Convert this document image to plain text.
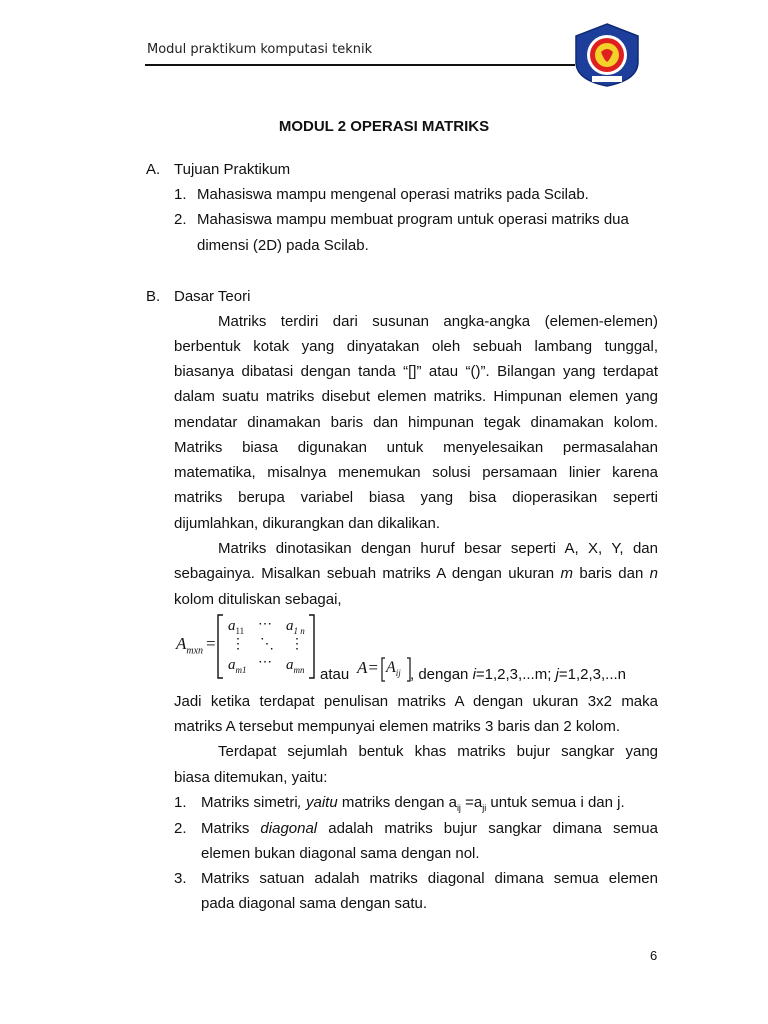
Modul praktikum komputasi teknik
MODUL 2 OPERASI MATRIKS
A. Tujuan Praktikum
1. Mahasiswa mampu mengenal operasi matriks pada Scilab.
2. Mahasiswa mampu membuat program untuk operasi matriks dua
dimensi (2D) pada Scilab.
B. Dasar Teori
Matriks terdiri dari susunan angka-angka (elemen-elemen)
berbentuk kotak yang dinyatakan oleh sebuah lambang tunggal,
biasanya dibatasi dengan tanda “[]” atau “()”. Bilangan yang terdapat
dalam suatu matriks disebut elemen matriks. Himpunan elemen yang
mendatar dinamakan baris dan himpunan tegak dinamakan kolom.
Matriks biasa digunakan untuk menyelesaikan permasalahan
matematika, misalnya menemukan solusi persamaan linier karena
matriks berupa variabel biasa yang bisa dioperasikan seperti
dijumlahkan, dikurangkan dan dikalikan.
Matriks dinotasikan dengan huruf besar seperti A, X, Y, dan
sebagainya. Misalkan sebuah matriks A dengan ukuran m baris dan n
kolom dituliskan sebagai,
$A_{mxn}$ =
$a_{11}$ ⋯ $a_{1 n}$
⋮ ⋱ ⋮
$a_{m1}$ ⋯ $a_{mn}$ atau $A= A_{ij}$ , dengan i=1,2,3,...m; j=1,2,3,...n
Jadi ketika terdapat penulisan matriks A dengan ukuran 3x2 maka
matriks A tersebut mempunyai elemen matriks 3 baris dan 2 kolom.
Terdapat sejumlah bentuk khas matriks bujur sangkar yang
biasa ditemukan, yaitu:
1. Matriks simetri, yaitu matriks dengan $a_{ij} =a_{ji}$ untuk semua i dan j.
2. Matriks diagonal adalah matriks bujur sangkar dimana semua
elemen bukan diagonal sama dengan nol.
3. Matriks satuan adalah matriks diagonal dimana semua elemen
pada diagonal sama dengan satu.
6
